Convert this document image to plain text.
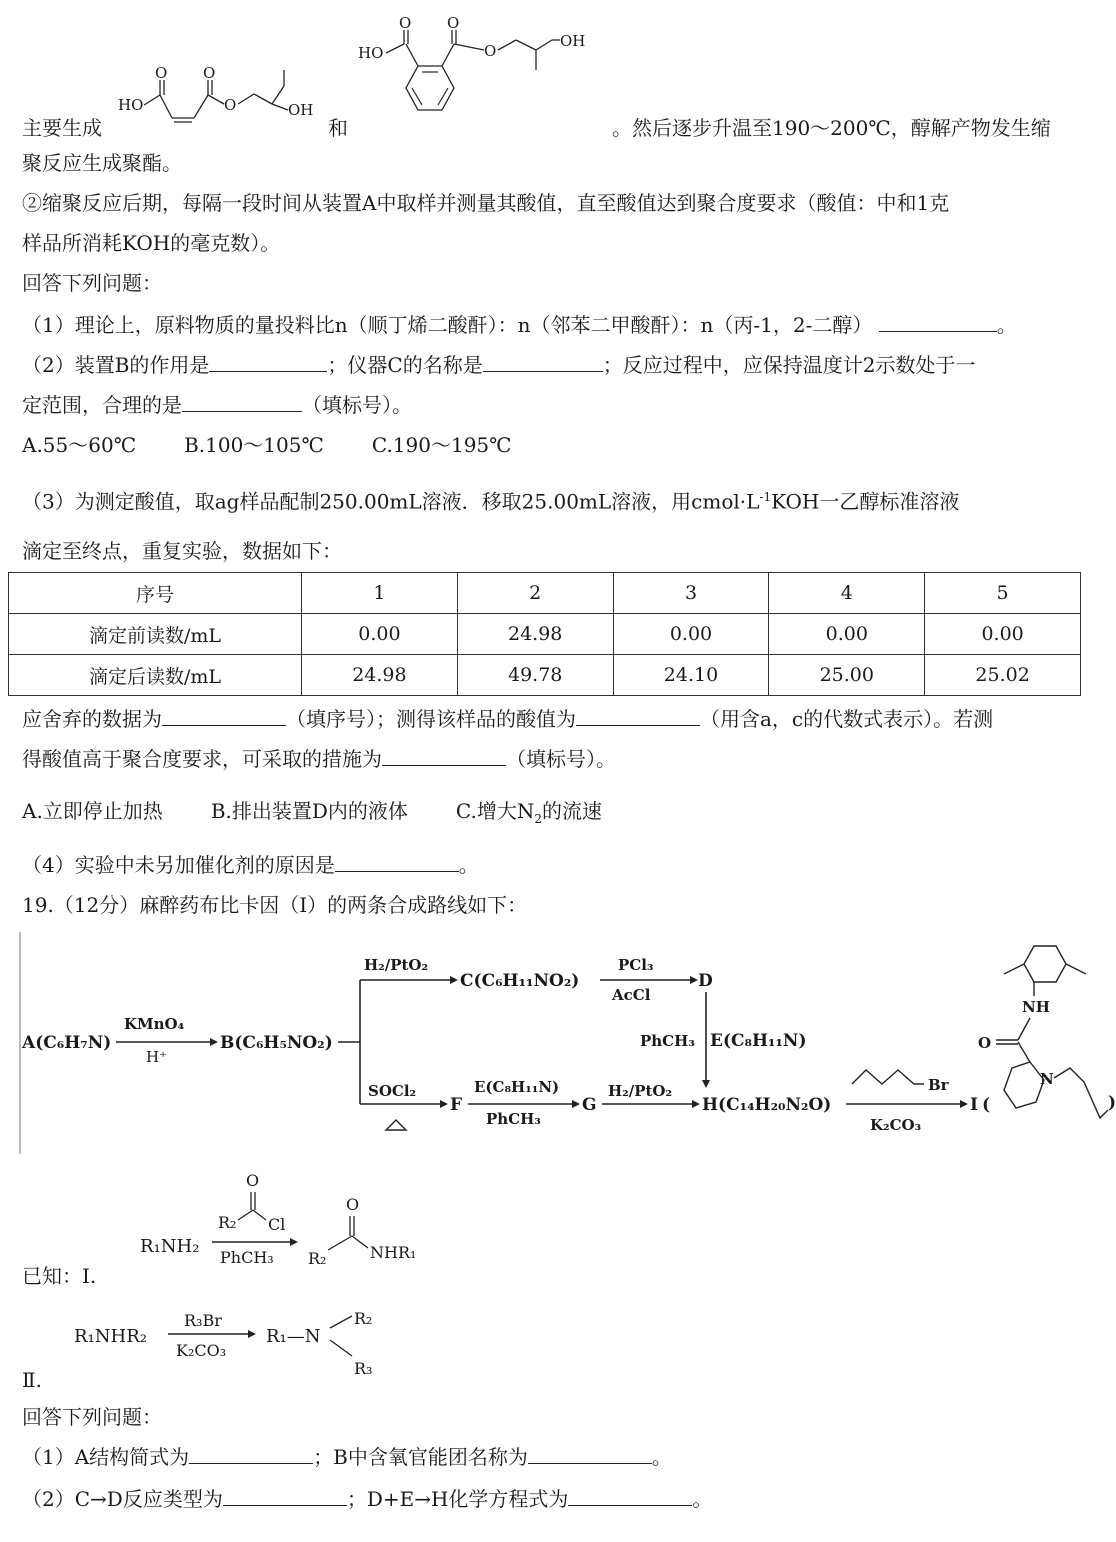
HO
O O
O	OH
HO
O O
O
OH
主要生成	和	。然后逐步升温至190～200℃，醇解产物发生缩
聚反应生成聚酯。
②缩聚反应后期，每隔一段时间从装置A中取样并测量其酸值，直至酸值达到聚合度要求（酸值：中和1克
样品所消耗KOH的毫克数）。
回答下列问题：
（1）理论上，原料物质的量投料比n（顺丁烯二酸酐）：n（邻苯二甲酸酐）：n（丙-1，2-二醇）	。
（2）装置B的作用是	；仪器C的名称是	；反应过程中，应保持温度计2示数处于一
定范围，合理的是	（填标号）。
A.55～60℃ B.100～105℃ C.190～195℃
（3）为测定酸值，取ag样品配制250.00mL溶液．移取25.00mL溶液，用$cmol\cdot L^{-1}KOH$一乙醇标准溶液
滴定至终点，重复实验，数据如下：
序号	1	2	3	4	5
滴定前读数/mL	0.00	24.98	0.00	0.00	0.00
滴定后读数/mL	24.98	49.78	24.10	25.00	25.02
应舍弃的数据为	（填序号）；测得该样品的酸值为	（用含a，c的代数式表示）。若测
得酸值高于聚合度要求，可采取的措施为	（填标号）。
A.立即停止加热 B.排出装置D内的液体 C.增大$N_2$的流速
（4）实验中未另加催化剂的原因是	。
19.（12分）麻醉药布比卡因（I）的两条合成路线如下：
A(C₆H₇N)
KMnO₄
H⁺
B(C₆H₅NO₂)
H₂/PtO₂
C(C₆H₁₁NO₂)
PCl₃
AcCl
D
PhCH₃ E(C₈H₁₁N)
SOCl₂
F
E(C₈H₁₁N)
PhCH₃
G
H₂/PtO₂
H(C₁₄H₂₀N₂O)
Br
K₂CO₃
I (
NH
O
N
)
已知：Ⅰ.
R₁NH₂
O
R₂ Cl
PhCH₃
O
R₂	NHR₁
R₁NHR₂
R₃Br
K₂CO₃
R₁—N
R₂
R₃
Ⅱ.
回答下列问题：
（1）A结构简式为	；B中含氧官能团名称为	。
（2）C→D反应类型为	；D+E→H化学方程式为	。
